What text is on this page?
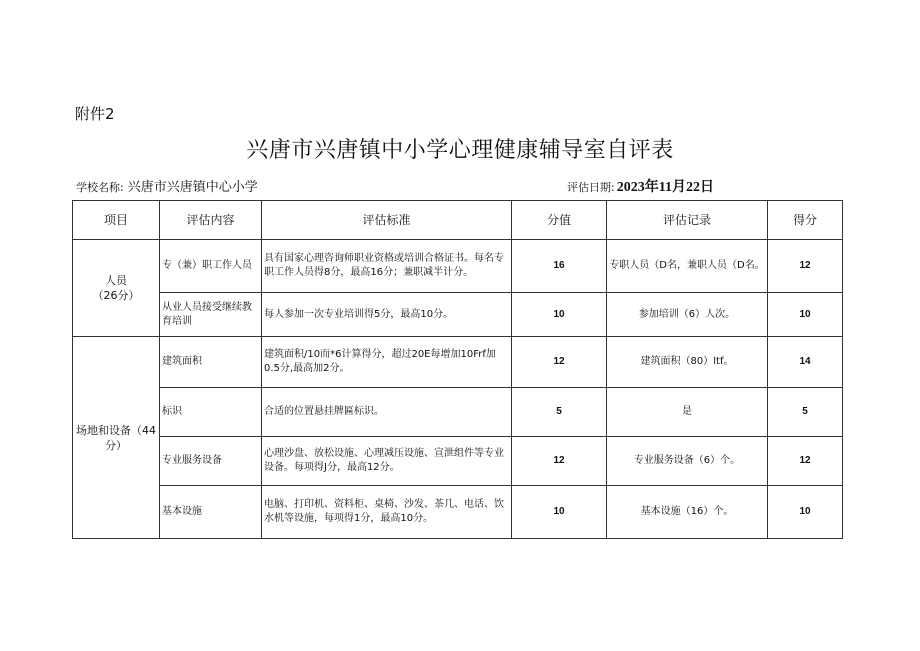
附件2
兴唐市兴唐镇中小学心理健康辅导室自评表
学校名称: 兴唐市兴唐镇中心小学	评估日期: 2023年11月22日
项目	评估内容	评估标准	分值	评估记录	得分

人员
（26分）	专（兼）职工作人员	具有国家心理咨询师职业资格或培训合格证书。每名专职工作人员得8分，最高16分；兼职减半计分。	16	专职人员（D名，兼职人员（D名。	12
	从业人员接受继续教育培训	每人参加一次专业培训得5分，最高10分。	10	参加培训（6）人次。	10
场地和设备（44分）	建筑面积	建筑面积/10而*6计算得分，超过20E每增加10Frf加0.5分,最高加2分。	12	建筑面积（80）ltf。	14
	标识	合适的位置悬挂牌匾标识。	5	是	5
	专业服务设备	心理沙盘、放松设施、心理减压设施、宣泄组件等专业设备。每项得J分，最高12分。	12	专业服务设备（6）个。	12
	基本设施	电脑、打印机、资料柜、桌椅、沙发、茶几、电话、饮水机等设施，每项得1分，最高10分。	10	基本设施（16）个。	10
